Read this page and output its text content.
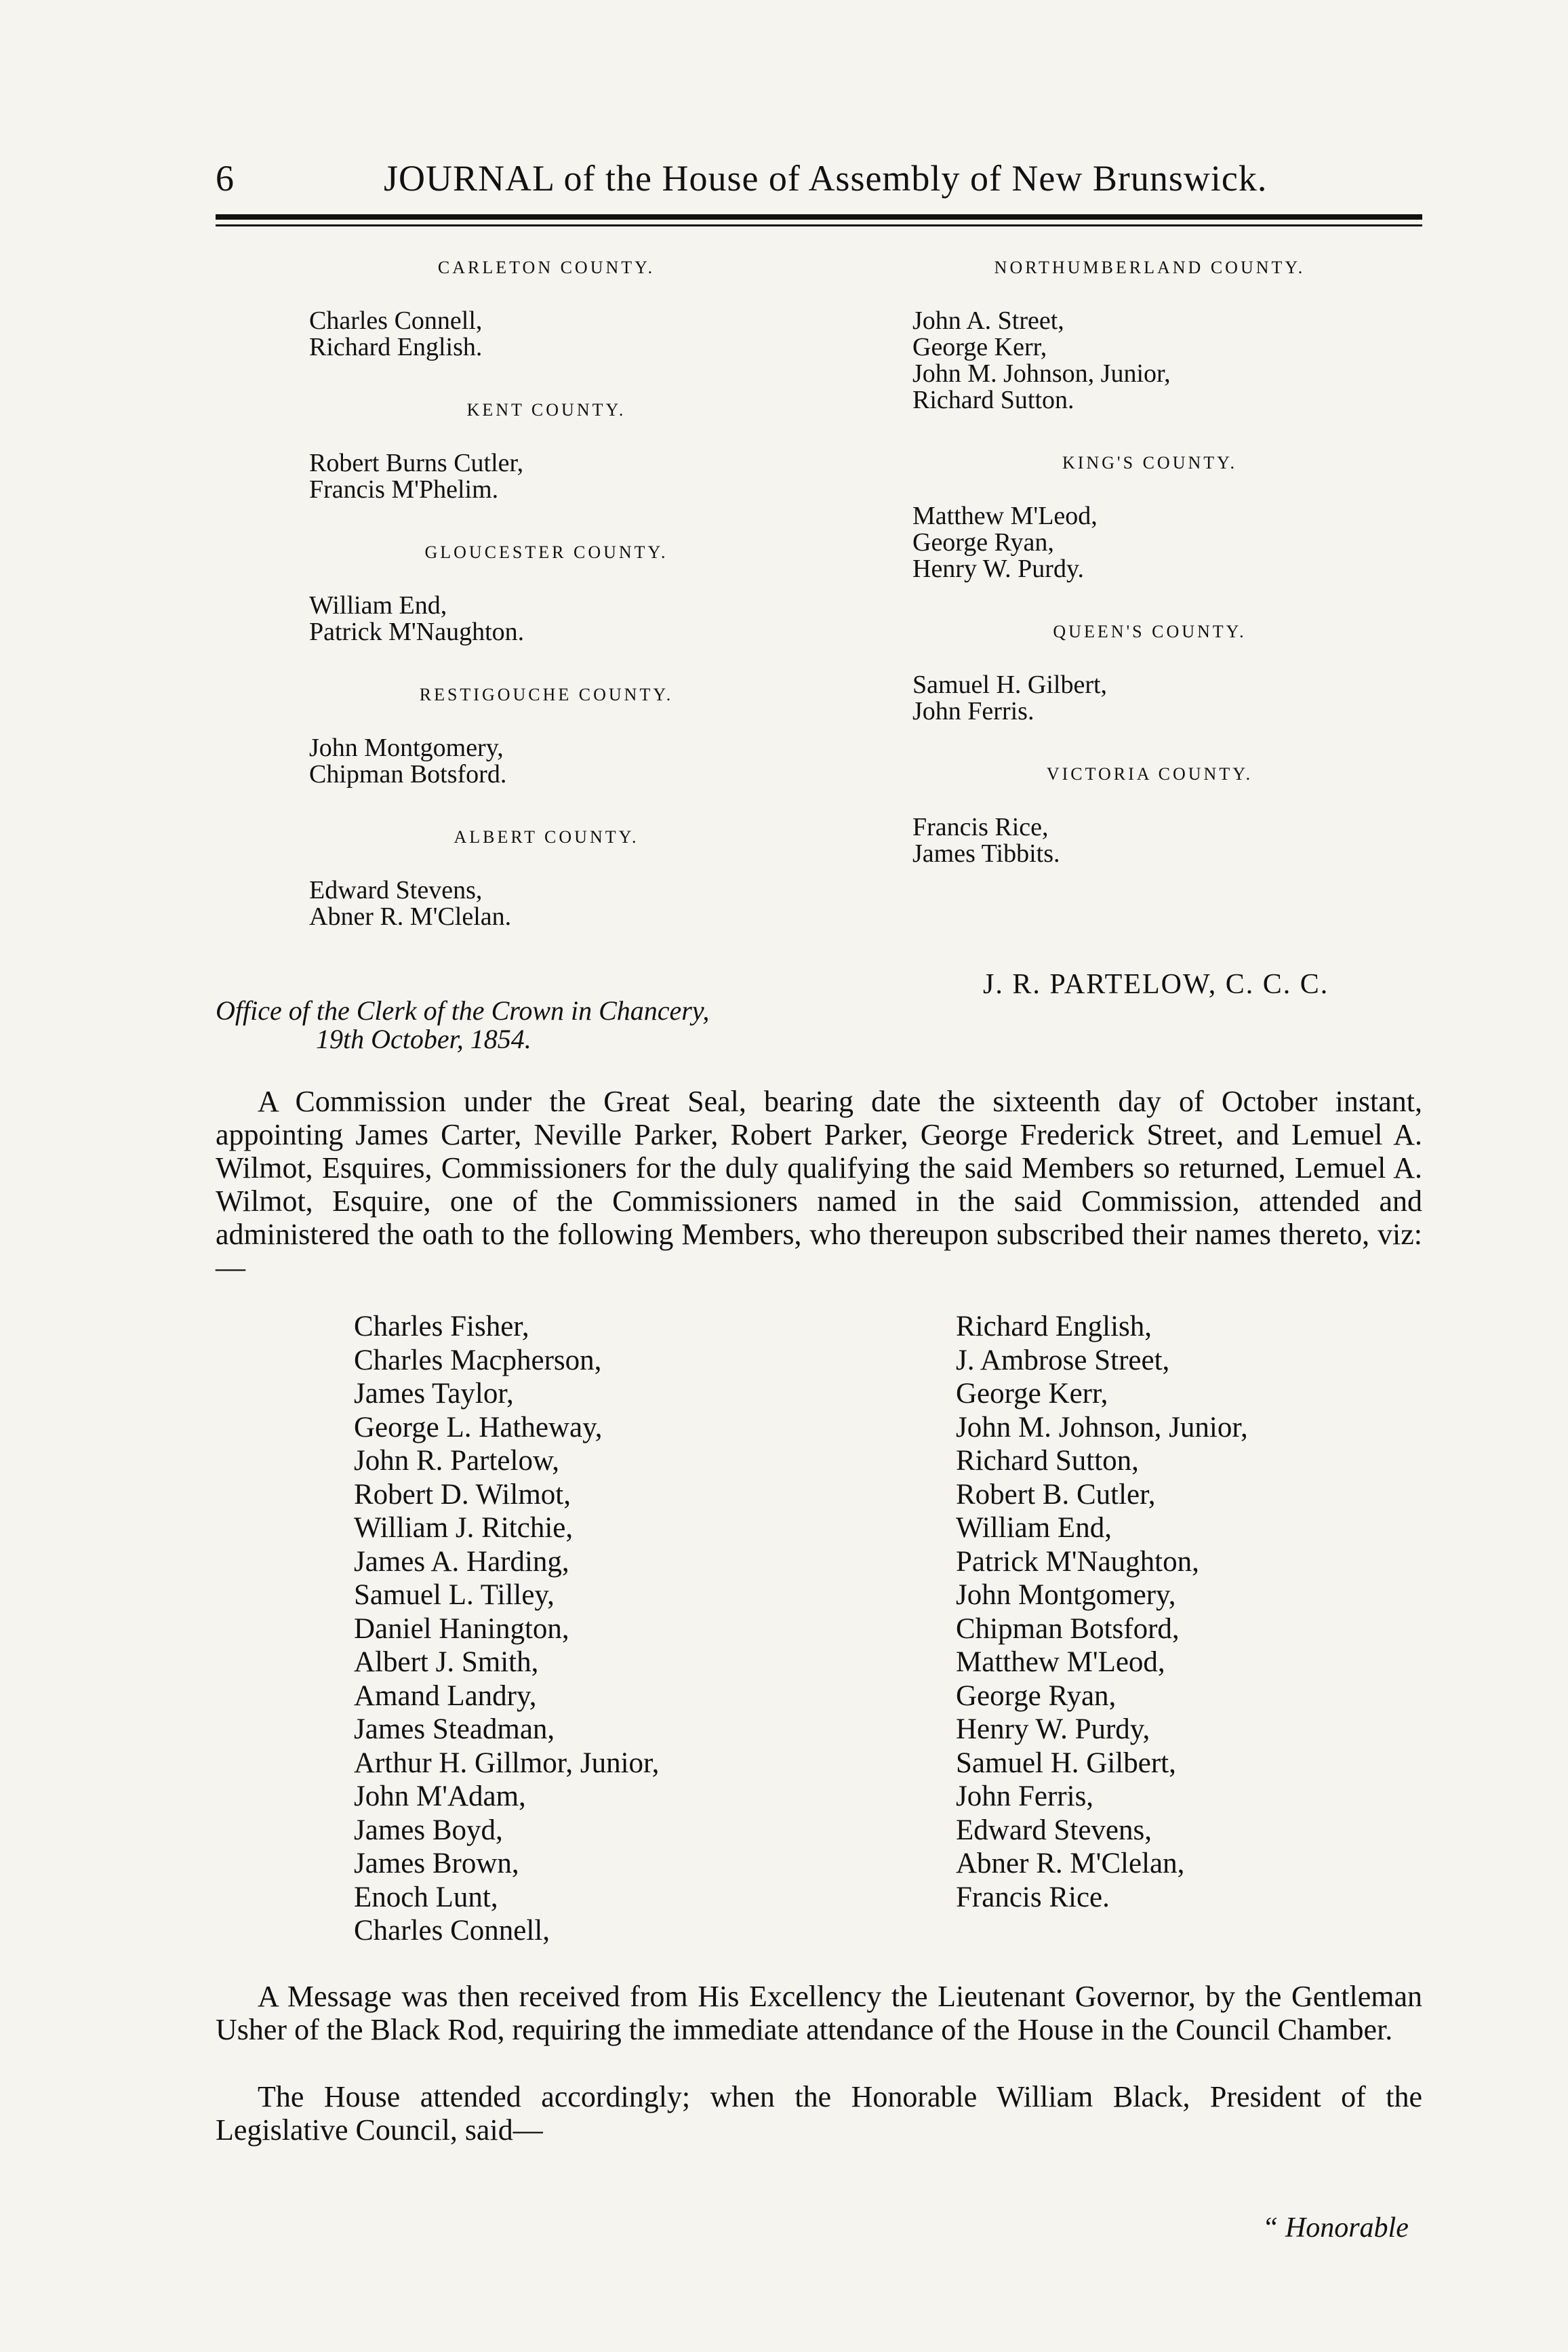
6	JOURNAL of the House of Assembly of New Brunswick.
CARLETON COUNTY.
Charles Connell,
Richard English.
KENT COUNTY.
Robert Burns Cutler,
Francis M'Phelim.
GLOUCESTER COUNTY.
William End,
Patrick M'Naughton.
RESTIGOUCHE COUNTY.
John Montgomery,
Chipman Botsford.
ALBERT COUNTY.
Edward Stevens,
Abner R. M'Clelan.
NORTHUMBERLAND COUNTY.
John A. Street,
George Kerr,
John M. Johnson, Junior,
Richard Sutton.
KING'S COUNTY.
Matthew M'Leod,
George Ryan,
Henry W. Purdy.
QUEEN'S COUNTY.
Samuel H. Gilbert,
John Ferris.
VICTORIA COUNTY.
Francis Rice,
James Tibbits.
Office of the Clerk of the Crown in Chancery,
19th October, 1854.
J. R. PARTELOW, C. C. C.
A Commission under the Great Seal, bearing date the sixteenth day of October instant, appointing James Carter, Neville Parker, Robert Parker, George Frederick Street, and Lemuel A. Wilmot, Esquires, Commissioners for the duly qualifying the said Members so returned, Lemuel A. Wilmot, Esquire, one of the Commissioners named in the said Commission, attended and administered the oath to the following Members, who thereupon subscribed their names thereto, viz:—
Charles Fisher,
Charles Macpherson,
James Taylor,
George L. Hatheway,
John R. Partelow,
Robert D. Wilmot,
William J. Ritchie,
James A. Harding,
Samuel L. Tilley,
Daniel Hanington,
Albert J. Smith,
Amand Landry,
James Steadman,
Arthur H. Gillmor, Junior,
John M'Adam,
James Boyd,
James Brown,
Enoch Lunt,
Charles Connell,
Richard English,
J. Ambrose Street,
George Kerr,
John M. Johnson, Junior,
Richard Sutton,
Robert B. Cutler,
William End,
Patrick M'Naughton,
John Montgomery,
Chipman Botsford,
Matthew M'Leod,
George Ryan,
Henry W. Purdy,
Samuel H. Gilbert,
John Ferris,
Edward Stevens,
Abner R. M'Clelan,
Francis Rice.
A Message was then received from His Excellency the Lieutenant Governor, by the Gentleman Usher of the Black Rod, requiring the immediate attendance of the House in the Council Chamber.
The House attended accordingly; when the Honorable William Black, President of the Legislative Council, said—
“ Honorable
